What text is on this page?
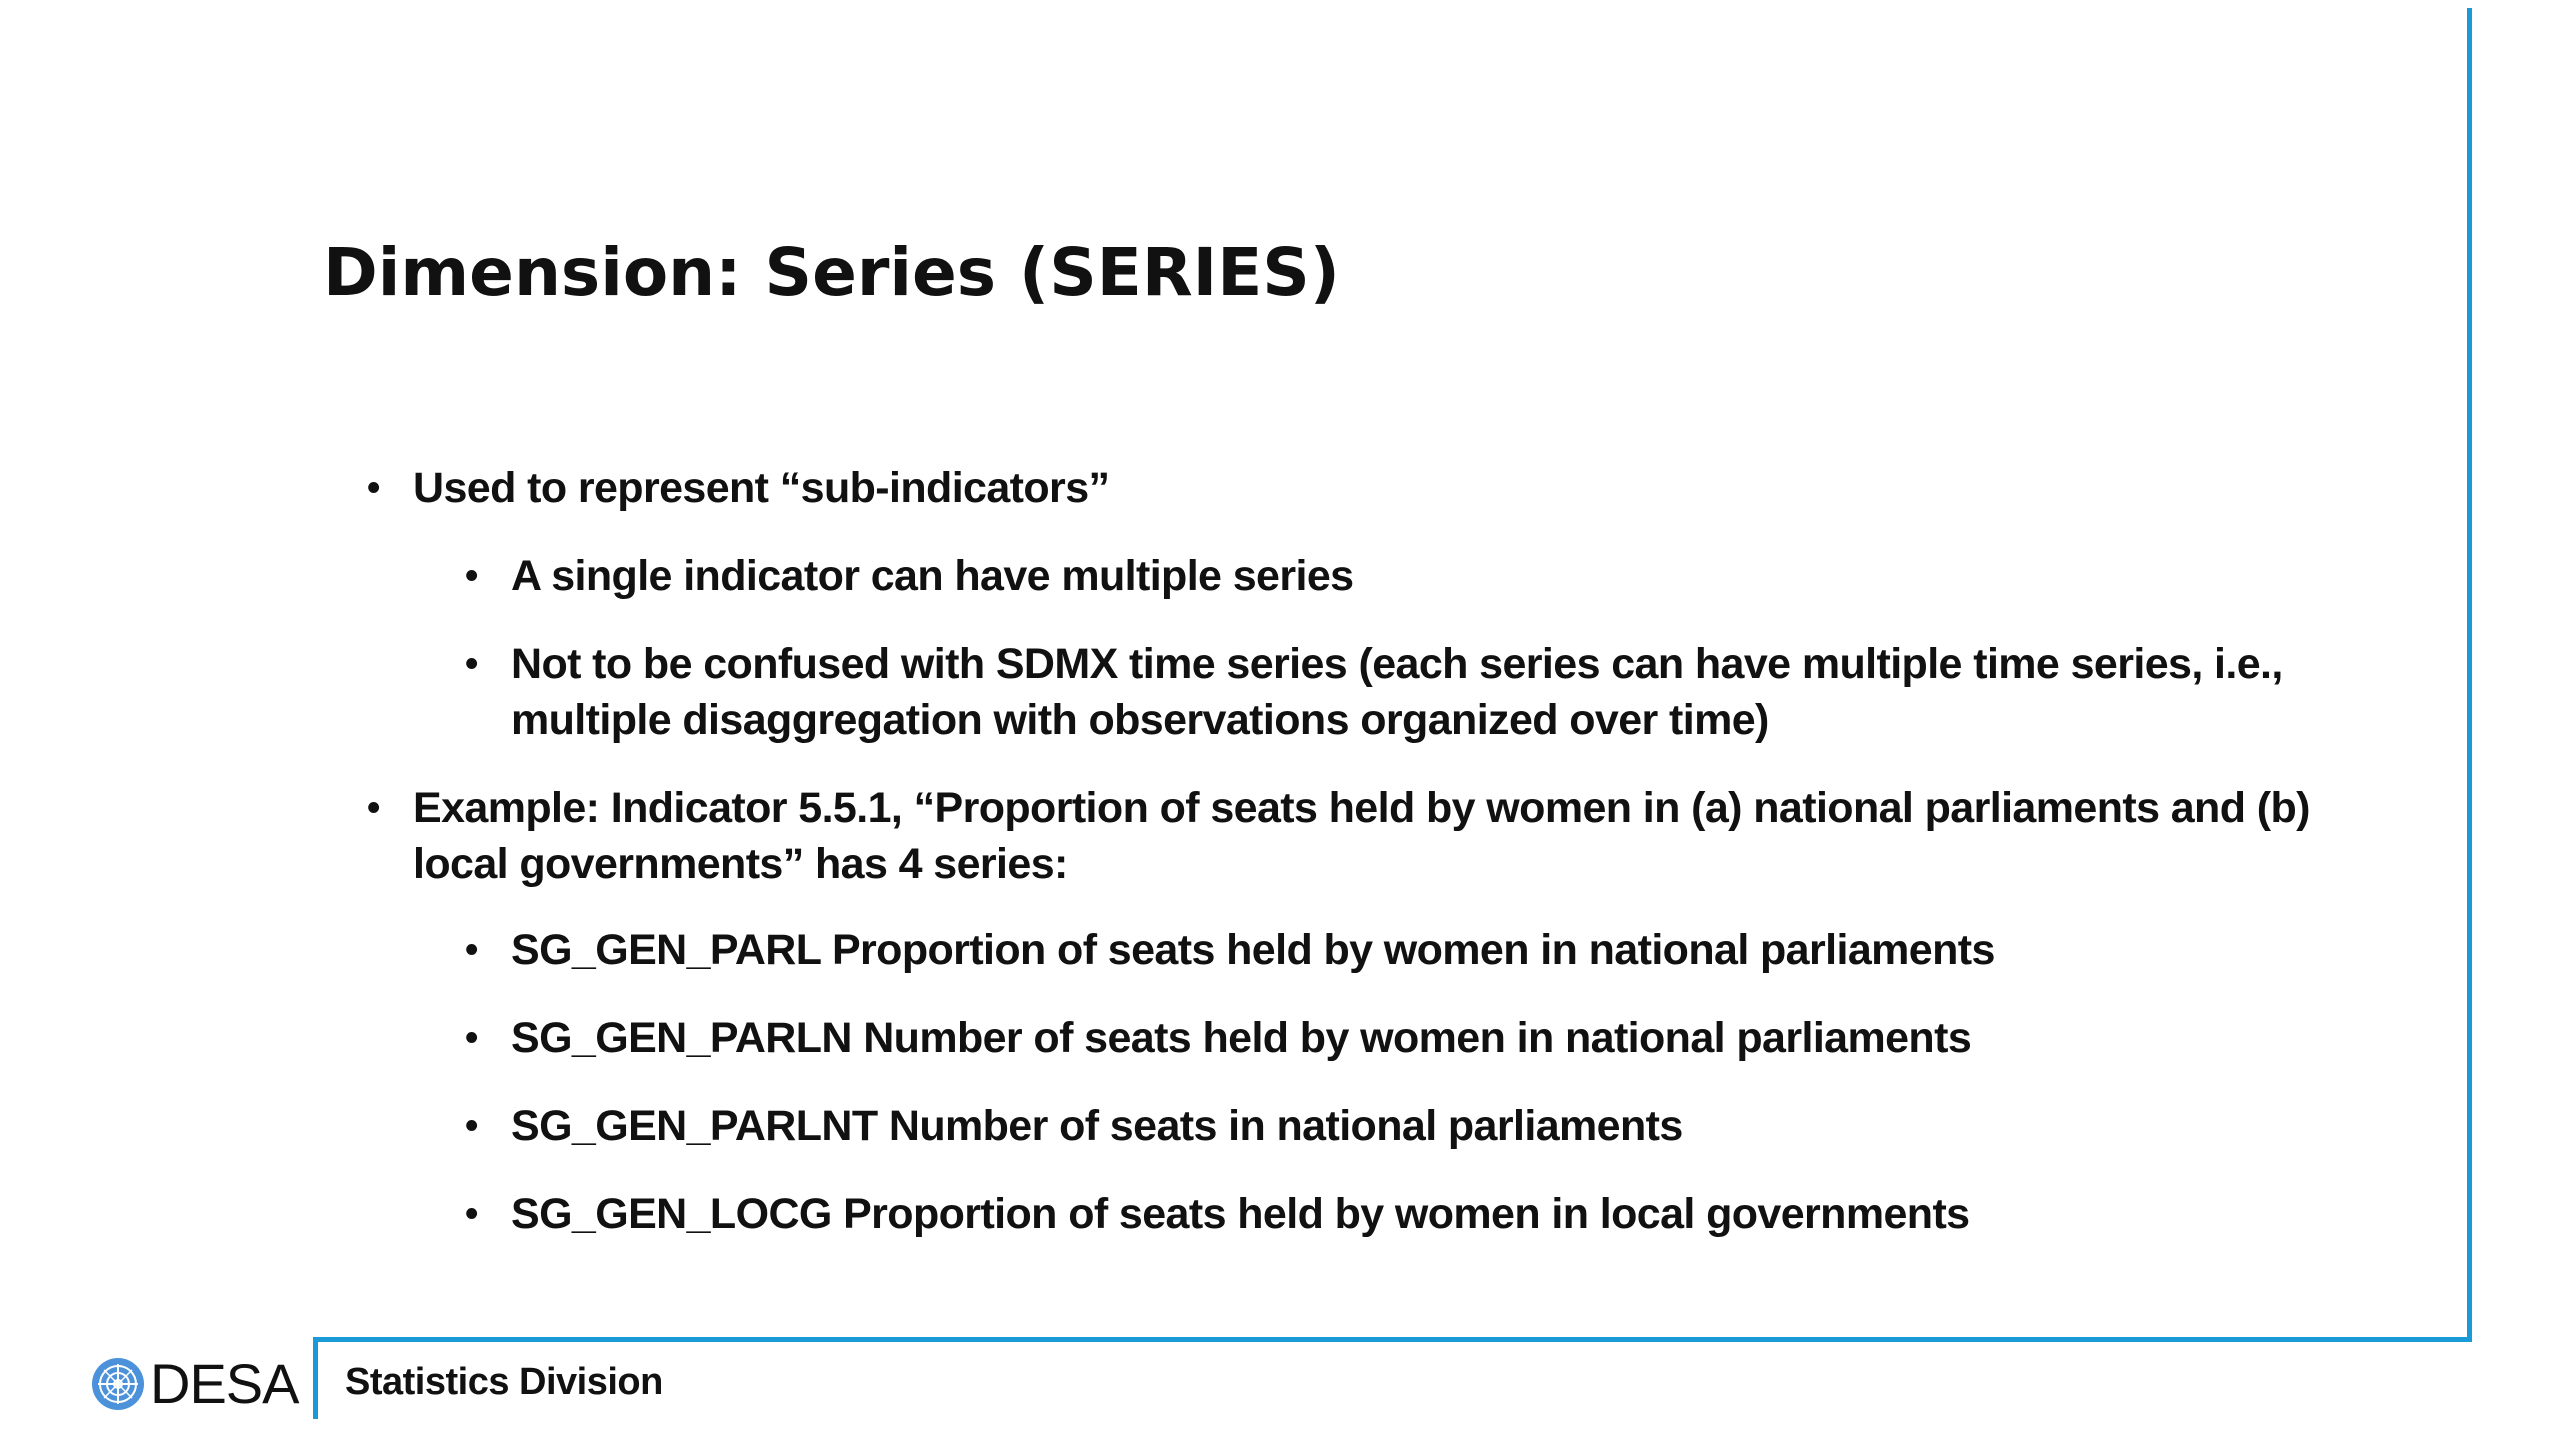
Dimension: Series (SERIES)
• Used to represent “sub-indicators”
• A single indicator can have multiple series
• Not to be confused with SDMX time series (each series can have multiple time series, i.e., multiple disaggregation with observations organized over time)
• Example: Indicator 5.5.1, “Proportion of seats held by women in (a) national parliaments and (b) local governments” has 4 series:
• SG_GEN_PARL Proportion of seats held by women in national parliaments
• SG_GEN_PARLN Number of seats held by women in national parliaments
• SG_GEN_PARLNT Number of seats in national parliaments
• SG_GEN_LOCG Proportion of seats held by women in local governments
DESA Statistics Division
